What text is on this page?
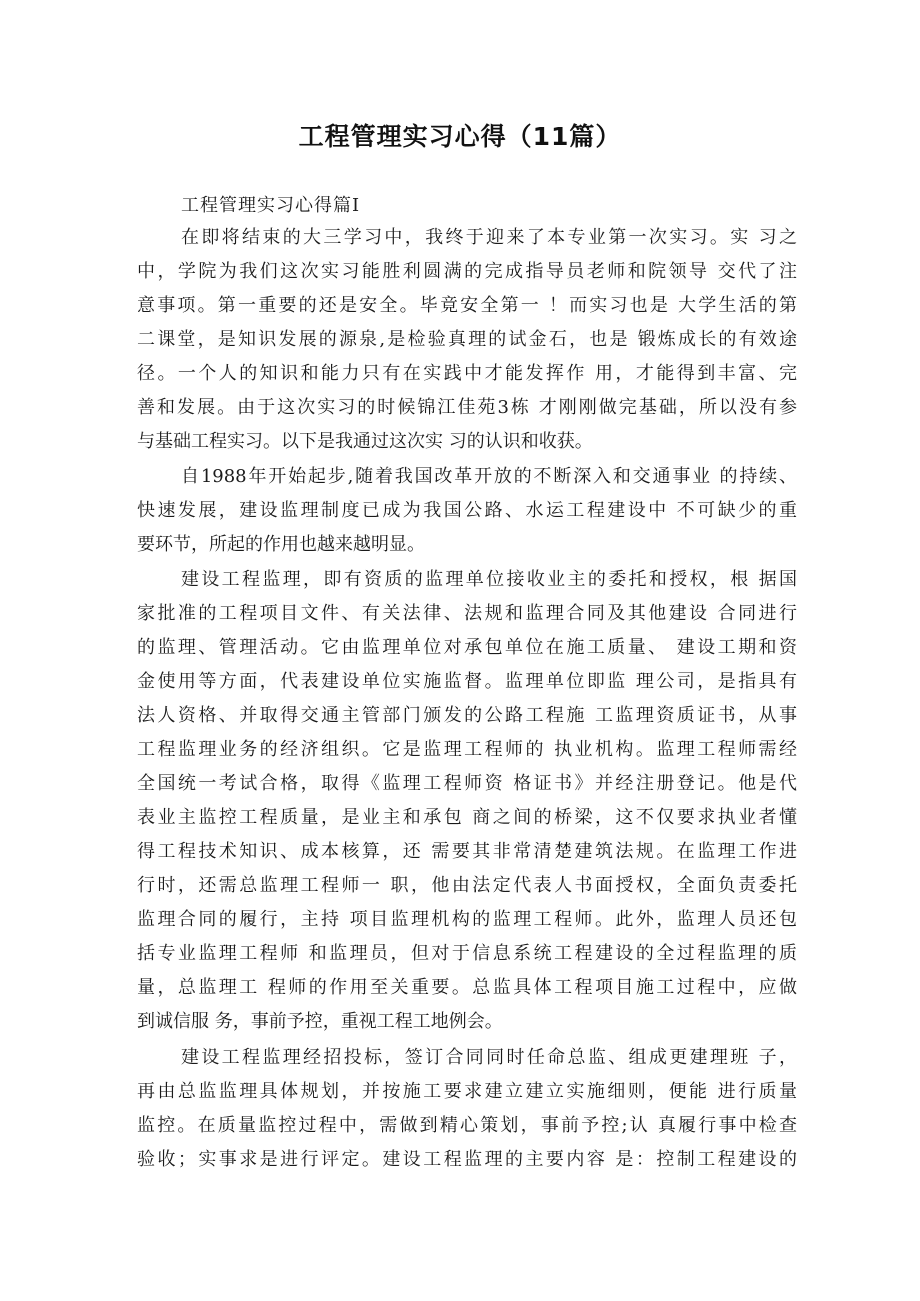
工程管理实习心得（11篇）
工程管理实习心得篇I
在即将结束的大三学习中，我终于迎来了本专业第一次实习。实 习之
中，学院为我们这次实习能胜利圆满的完成指导员老师和院领导 交代了注
意事项。第一重要的还是安全。毕竟安全第一 ！而实习也是 大学生活的第
二课堂，是知识发展的源泉,是检验真理的试金石，也是 锻炼成长的有效途
径。一个人的知识和能力只有在实践中才能发挥作 用，才能得到丰富、完
善和发展。由于这次实习的时候锦江佳苑3栋 才刚刚做完基础，所以没有参
与基础工程实习。以下是我通过这次实 习的认识和收获。
自1988年开始起步,随着我国改革开放的不断深入和交通事业 的持续、
快速发展，建设监理制度已成为我国公路、水运工程建设中 不可缺少的重
要环节，所起的作用也越来越明显。
建设工程监理，即有资质的监理单位接收业主的委托和授权，根 据国
家批准的工程项目文件、有关法律、法规和监理合同及其他建设 合同进行
的监理、管理活动。它由监理单位对承包单位在施工质量、 建设工期和资
金使用等方面，代表建设单位实施监督。监理单位即监 理公司，是指具有
法人资格、并取得交通主管部门颁发的公路工程施 工监理资质证书，从事
工程监理业务的经济组织。它是监理工程师的 执业机构。监理工程师需经
全国统一考试合格，取得《监理工程师资 格证书》并经注册登记。他是代
表业主监控工程质量，是业主和承包 商之间的桥梁，这不仅要求执业者懂
得工程技术知识、成本核算，还 需要其非常清楚建筑法规。在监理工作进
行时，还需总监理工程师一 职，他由法定代表人书面授权，全面负责委托
监理合同的履行，主持 项目监理机构的监理工程师。此外，监理人员还包
括专业监理工程师 和监理员，但对于信息系统工程建设的全过程监理的质
量，总监理工 程师的作用至关重要。总监具体工程项目施工过程中，应做
到诚信服 务，事前予控，重视工程工地例会。
建设工程监理经招投标，签订合同同时任命总监、组成更建理班 子，
再由总监监理具体规划，并按施工要求建立建立实施细则，便能 进行质量
监控。在质量监控过程中，需做到精心策划，事前予控;认 真履行事中检查
验收；实事求是进行评定。建设工程监理的主要内容 是：控制工程建设的
